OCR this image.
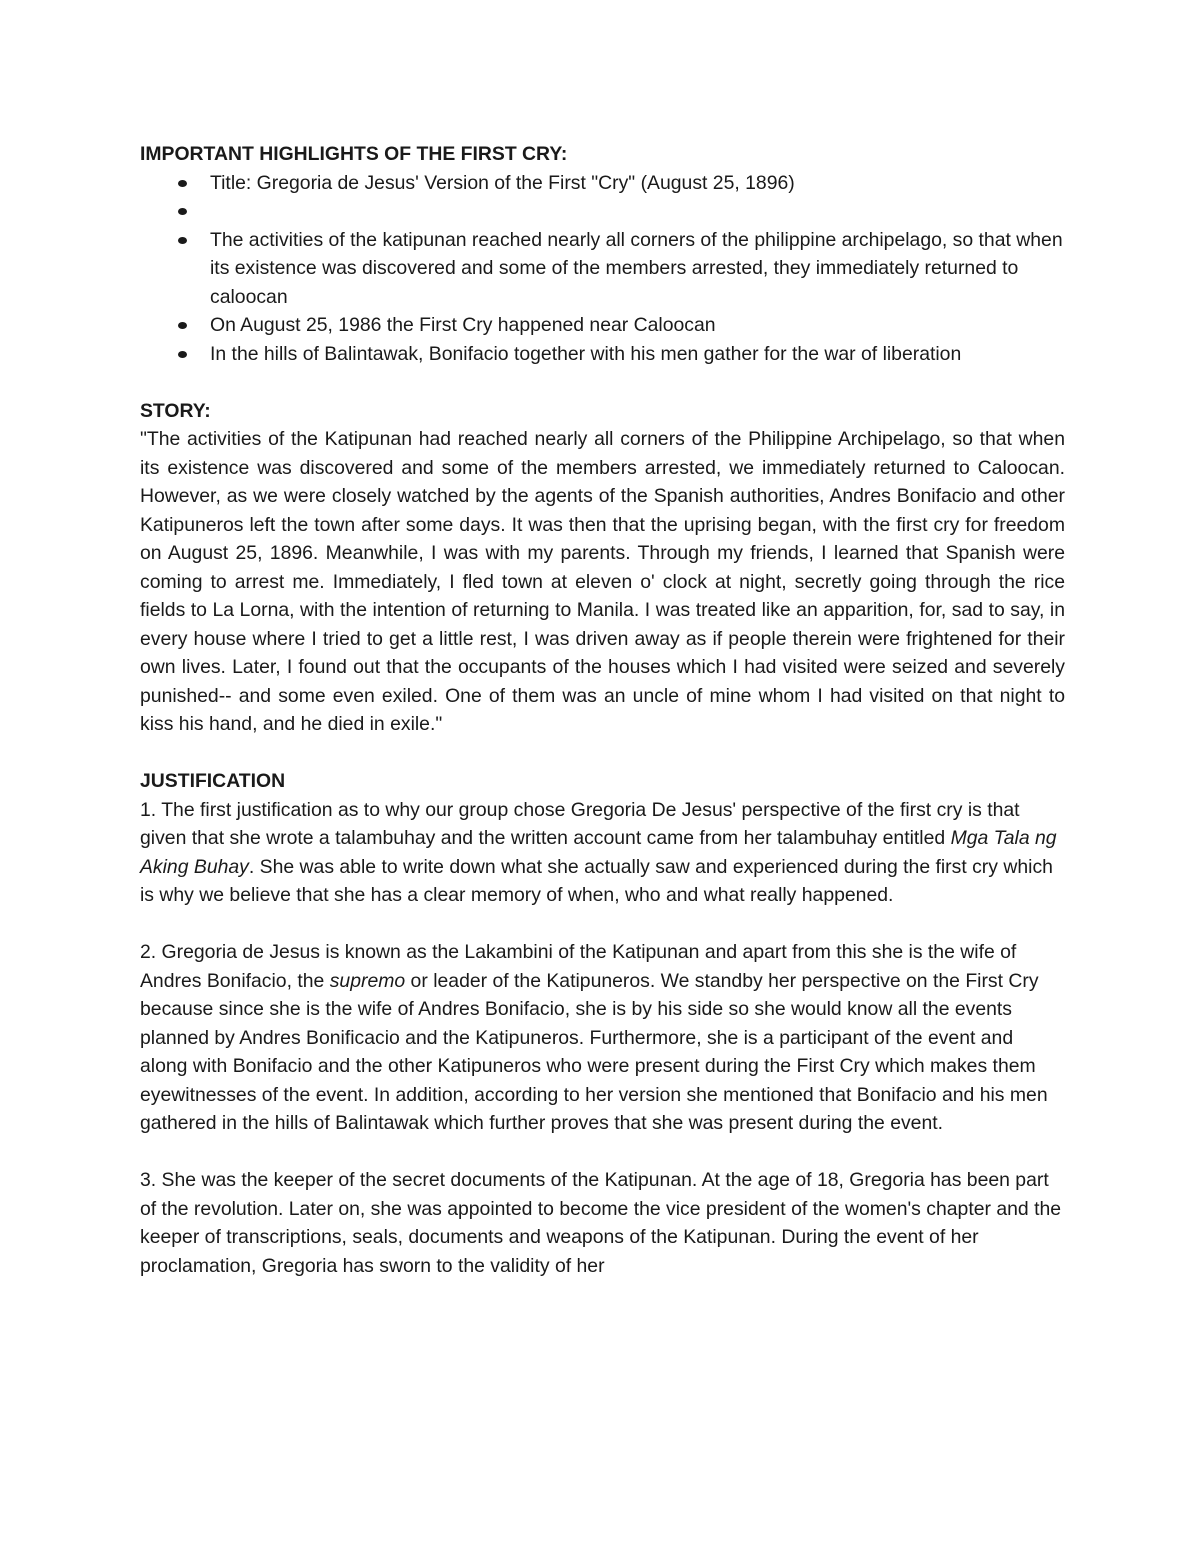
IMPORTANT HIGHLIGHTS OF THE FIRST CRY:

Title: Gregoria de Jesus' Version of the First "Cry" (August 25, 1896)
The activities of the katipunan reached nearly all corners of the philippine archipelago, so that when its existence was discovered and some of the members arrested, they immediately returned to caloocan
On August 25, 1986 the First Cry happened near Caloocan
In the hills of Balintawak, Bonifacio together with his men gather for the war of liberation

STORY:

"The activities of the Katipunan had reached nearly all corners of the Philippine Archipelago, so that when its existence was discovered and some of the members arrested, we immediately returned to Caloocan. However, as we were closely watched by the agents of the Spanish authorities, Andres Bonifacio and other Katipuneros left the town after some days. It was then that the uprising began, with the first cry for freedom on August 25, 1896. Meanwhile, I was with my parents. Through my friends, I learned that Spanish were coming to arrest me. Immediately, I fled town at eleven o' clock at night, secretly going through the rice fields to La Lorna, with the intention of returning to Manila. I was treated like an apparition, for, sad to say, in every house where I tried to get a little rest, I was driven away as if people therein were frightened for their own lives. Later, I found out that the occupants of the houses which I had visited were seized and severely punished-- and some even exiled. One of them was an uncle of mine whom I had visited on that night to kiss his hand, and he died in exile."

JUSTIFICATION

1. The first justification as to why our group chose Gregoria De Jesus' perspective of the first cry is that given that she wrote a talambuhay and the written account came from her talambuhay entitled Mga Tala ng Aking Buhay. She was able to write down what she actually saw and experienced during the first cry which is why we believe that she has a clear memory of when, who and what really happened.

2. Gregoria de Jesus is known as the Lakambini of the Katipunan and apart from this she is the wife of Andres Bonifacio, the supremo or leader of the Katipuneros. We standby her perspective on the First Cry because since she is the wife of Andres Bonifacio, she is by his side so she would know all the events planned by Andres Bonificacio and the Katipuneros. Furthermore, she is a participant of the event and along with Bonifacio and the other Katipuneros who were present during the First Cry which makes them eyewitnesses of the event. In addition, according to her version she mentioned that Bonifacio and his men gathered in the hills of Balintawak which further proves that she was present during the event.

3. She was the keeper of the secret documents of the Katipunan. At the age of 18, Gregoria has been part of the revolution. Later on, she was appointed to become the vice president of the women's chapter and the keeper of transcriptions, seals, documents and weapons of the Katipunan. During the event of her proclamation, Gregoria has sworn to the validity of her
